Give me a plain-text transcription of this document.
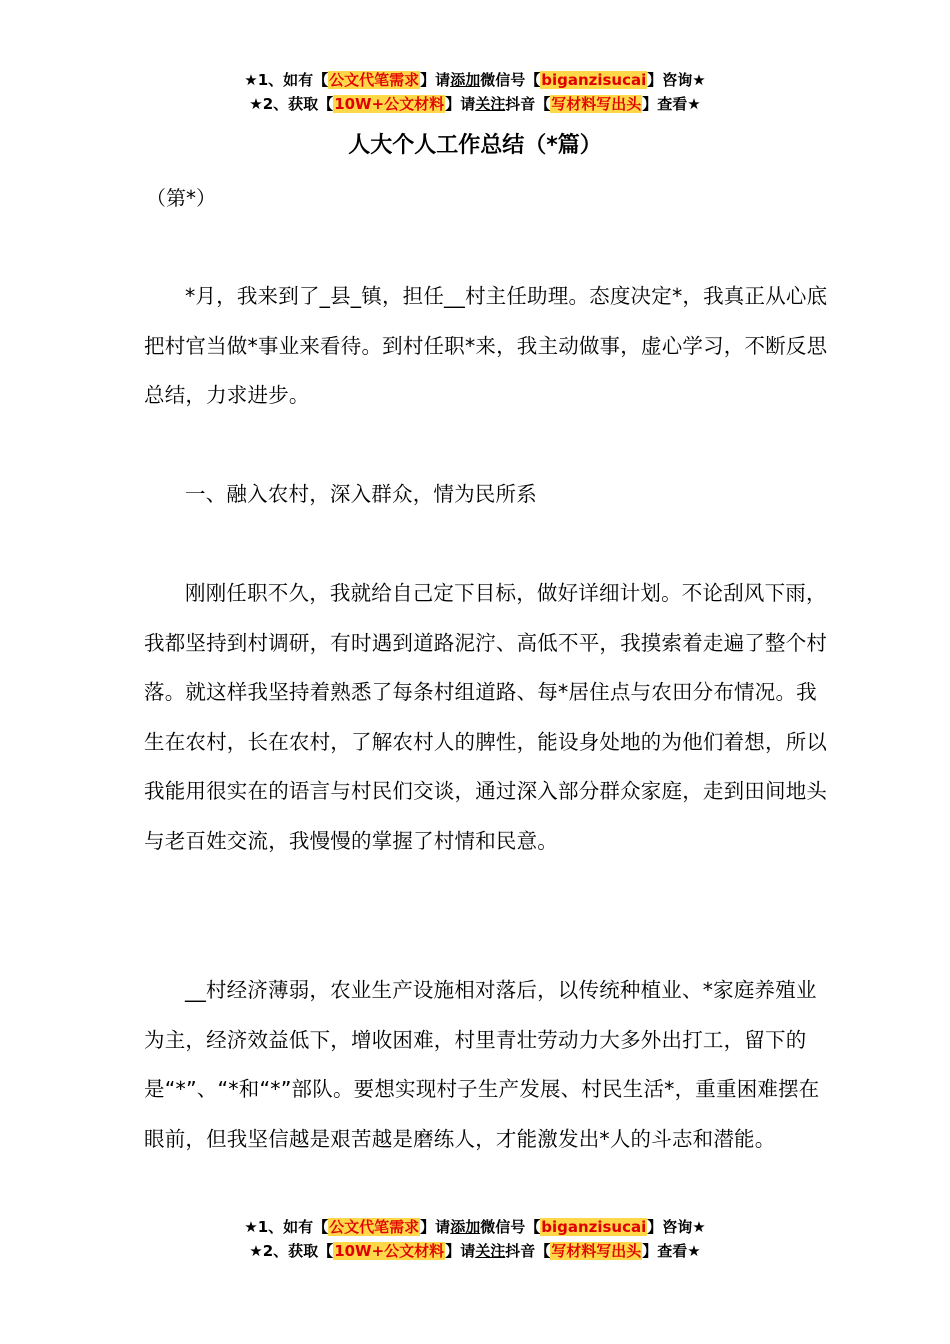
★1、如有【公文代笔需求】请添加微信号【biganzisucai】咨询★
★2、获取【10W+公文材料】请关注抖音【写材料写出头】查看★
人大个人工作总结（*篇）
（第*）

*月，我来到了_县_镇，担任__村主任助理。态度决定*，我真正从心底把村官当做*事业来看待。到村任职*来，我主动做事，虚心学习，不断反思总结，力求进步。

一、融入农村，深入群众，情为民所系

刚刚任职不久，我就给自己定下目标，做好详细计划。不论刮风下雨，我都坚持到村调研，有时遇到道路泥泞、高低不平，我摸索着走遍了整个村落。就这样我坚持着熟悉了每条村组道路、每*居住点与农田分布情况。我生在农村，长在农村，了解农村人的脾性，能设身处地的为他们着想，所以我能用很实在的语言与村民们交谈，通过深入部分群众家庭，走到田间地头与老百姓交流，我慢慢的掌握了村情和民意。

__村经济薄弱，农业生产设施相对落后，以传统种植业、*家庭养殖业为主，经济效益低下，增收困难，村里青壮劳动力大多外出打工，留下的是“*”、“*和“*”部队。要想实现村子生产发展、村民生活*，重重困难摆在眼前，但我坚信越是艰苦越是磨练人，才能激发出*人的斗志和潜能。

★1、如有【公文代笔需求】请添加微信号【biganzisucai】咨询★
★2、获取【10W+公文材料】请关注抖音【写材料写出头】查看★
